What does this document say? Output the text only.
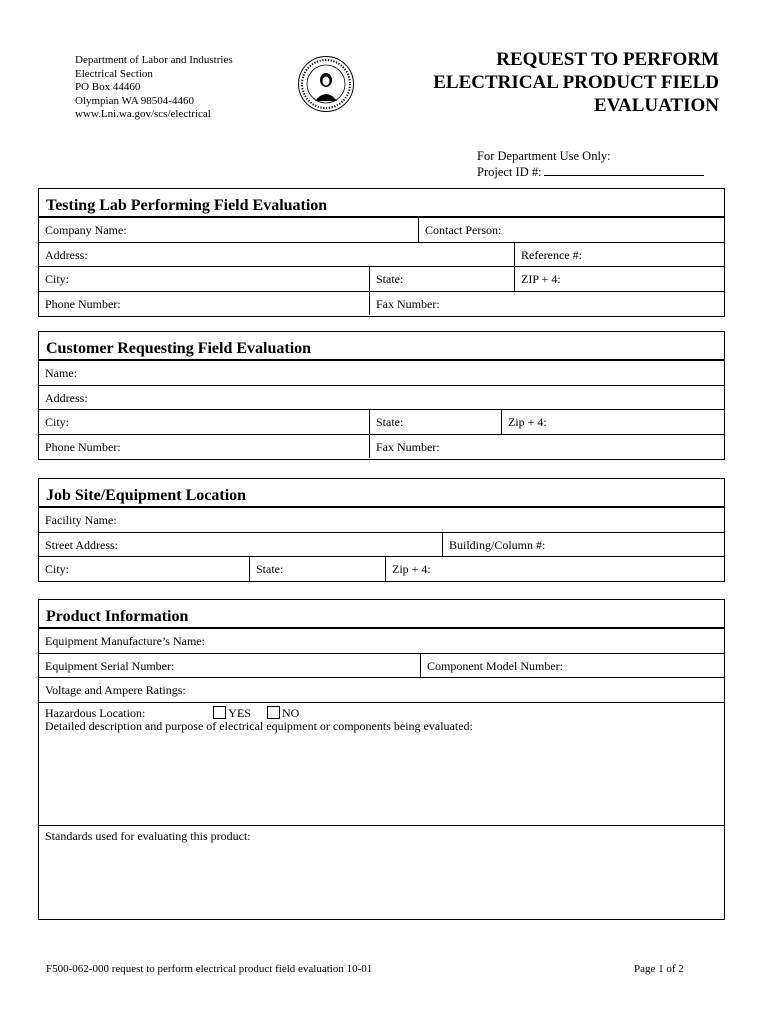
Department of Labor and Industries
Electrical Section
PO Box 44460
Olympian WA 98504-4460
www.Lni.wa.gov/scs/electrical
REQUEST TO PERFORM
ELECTRICAL PRODUCT FIELD
EVALUATION
For Department Use Only:
Project ID #:
Testing Lab Performing Field Evaluation
Company Name:	Contact Person:
Address:	Reference #:
City:	State:	ZIP + 4:
Phone Number:	Fax Number:
Customer Requesting Field Evaluation
Name:
Address:
City:	State:	Zip + 4:
Phone Number:	Fax Number:
Job Site/Equipment Location
Facility Name:
Street Address:	Building/Column #:
City:	State:	Zip + 4:
Product Information
Equipment Manufacture’s Name:
Equipment Serial Number:	Component Model Number:
Voltage and Ampere Ratings:
Hazardous Location:	YES	NO
Detailed description and purpose of electrical equipment or components being evaluated:
Standards used for evaluating this product:
F500-062-000 request to perform electrical product field evaluation 10-01	Page 1 of 2
